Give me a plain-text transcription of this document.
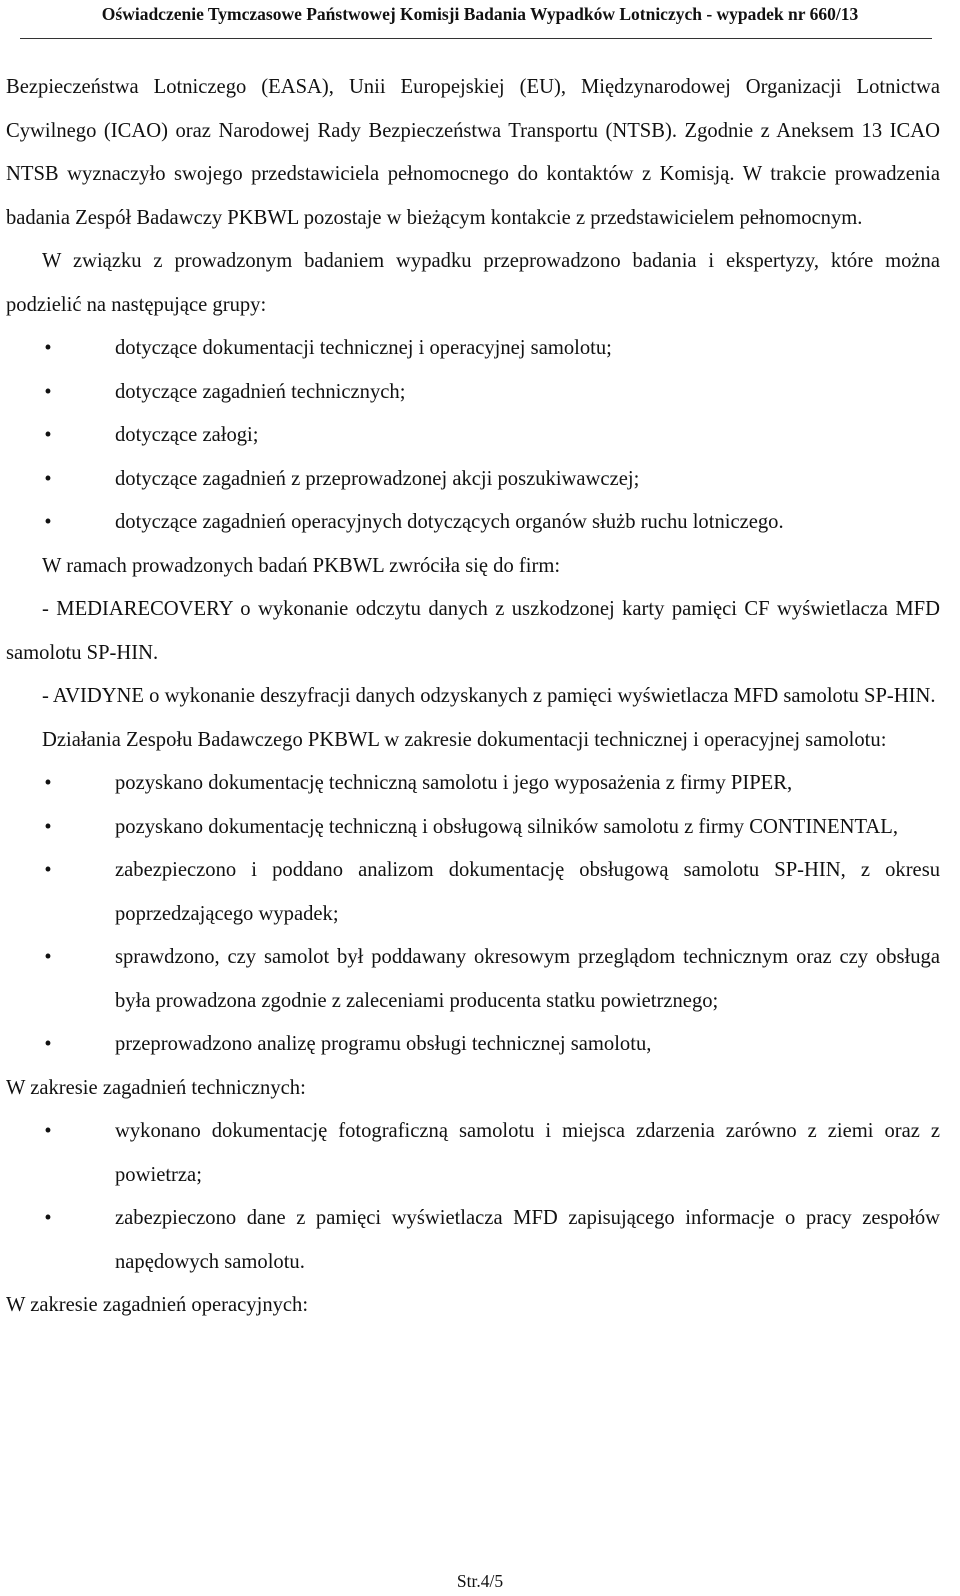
Oświadczenie Tymczasowe Państwowej Komisji Badania Wypadków Lotniczych - wypadek nr 660/13

Bezpieczeństwa Lotniczego (EASA), Unii Europejskiej (EU), Międzynarodowej Organizacji Lotnictwa Cywilnego (ICAO) oraz Narodowej Rady Bezpieczeństwa Transportu (NTSB). Zgodnie z Aneksem 13 ICAO NTSB wyznaczyło swojego przedstawiciela pełnomocnego do kontaktów z Komisją. W trakcie prowadzenia badania Zespół Badawczy PKBWL pozostaje w bieżącym kontakcie z przedstawicielem pełnomocnym.

W związku z prowadzonym badaniem wypadku przeprowadzono badania i ekspertyzy, które można podzielić na następujące grupy:

•	dotyczące dokumentacji technicznej i operacyjnej samolotu;
•	dotyczące zagadnień technicznych;
•	dotyczące załogi;
•	dotyczące zagadnień z przeprowadzonej akcji poszukiwawczej;
•	dotyczące zagadnień operacyjnych dotyczących organów służb ruchu lotniczego.

W ramach prowadzonych badań PKBWL zwróciła się do firm:

- MEDIARECOVERY o wykonanie odczytu danych z uszkodzonej karty pamięci CF wyświetlacza MFD samolotu SP-HIN.

- AVIDYNE o wykonanie deszyfracji danych odzyskanych z pamięci wyświetlacza MFD samolotu SP-HIN.

Działania Zespołu Badawczego PKBWL w zakresie dokumentacji technicznej i operacyjnej samolotu:

•	pozyskano dokumentację techniczną samolotu i jego wyposażenia z firmy PIPER,
•	pozyskano dokumentację techniczną i obsługową silników samolotu z firmy CONTINENTAL,
•	zabezpieczono i poddano analizom dokumentację obsługową samolotu SP-HIN, z okresu poprzedzającego wypadek;
•	sprawdzono, czy samolot był poddawany okresowym przeglądom technicznym oraz czy obsługa była prowadzona zgodnie z zaleceniami producenta statku powietrznego;
•	przeprowadzono analizę programu obsługi technicznej samolotu,

W zakresie zagadnień technicznych:

•	wykonano dokumentację fotograficzną samolotu i miejsca zdarzenia zarówno z ziemi oraz z powietrza;
•	zabezpieczono dane z pamięci wyświetlacza MFD zapisującego informacje o pracy zespołów napędowych samolotu.

W zakresie zagadnień operacyjnych:

Str.4/5
